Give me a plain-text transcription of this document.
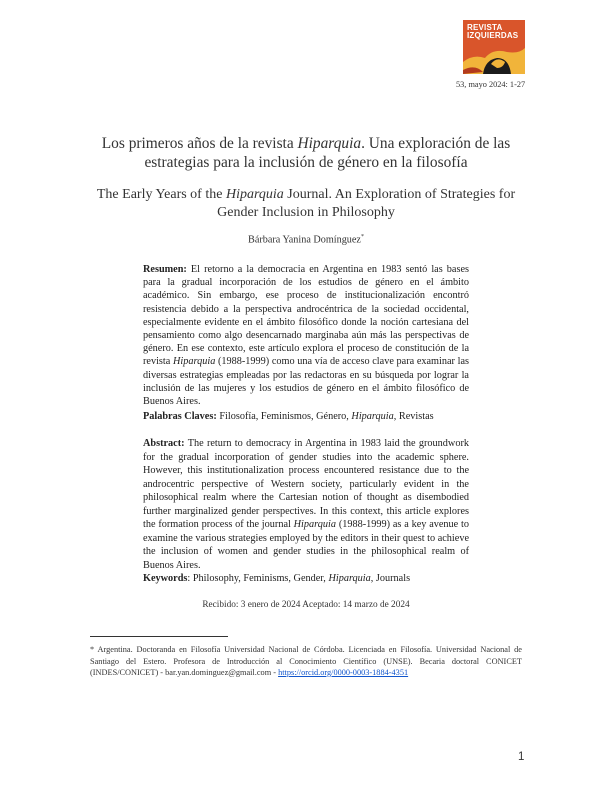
REVISTA
IZQUIERDAS
53, mayo 2024: 1-27
Los primeros años de la revista Hiparquia. Una exploración de las estrategias para la inclusión de género en la filosofía
The Early Years of the Hiparquia Journal. An Exploration of Strategies for Gender Inclusion in Philosophy
Bárbara Yanina Domínguez*
Resumen: El retorno a la democracia en Argentina en 1983 sentó las bases para la gradual incorporación de los estudios de género en el ámbito académico. Sin embargo, ese proceso de institucionalización encontró resistencia debido a la perspectiva androcéntrica de la sociedad occidental, especialmente evidente en el ámbito filosófico donde la noción cartesiana del pensamiento como algo desencarnado marginaba aún más las perspectivas de género. En ese contexto, este artículo explora el proceso de constitución de la revista Hiparquia (1988-1999) como una vía de acceso clave para examinar las diversas estrategias empleadas por las redactoras en su búsqueda por lograr la inclusión de las mujeres y los estudios de género en el ámbito filosófico de Buenos Aires.
Palabras Claves: Filosofía, Feminismos, Género, Hiparquia, Revistas
Abstract: The return to democracy in Argentina in 1983 laid the groundwork for the gradual incorporation of gender studies into the academic sphere. However, this institutionalization process encountered resistance due to the androcentric perspective of Western society, particularly evident in the philosophical realm where the Cartesian notion of thought as disembodied further marginalized gender perspectives. In this context, this article explores the formation process of the journal Hiparquia (1988-1999) as a key avenue to examine the various strategies employed by the editors in their quest to achieve the inclusion of women and gender studies in the philosophical realm of Buenos Aires.
Keywords: Philosophy, Feminisms, Gender, Hiparquia, Journals
Recibido: 3 enero de 2024 Aceptado: 14 marzo de 2024
* Argentina. Doctoranda en Filosofía Universidad Nacional de Córdoba. Licenciada en Filosofía. Universidad Nacional de Santiago del Estero. Profesora de Introducción al Conocimiento Científico (UNSE). Becaria doctoral CONICET (INDES/CONICET) - bar.yan.dominguez@gmail.com - https://orcid.org/0000-0003-1884-4351
1
